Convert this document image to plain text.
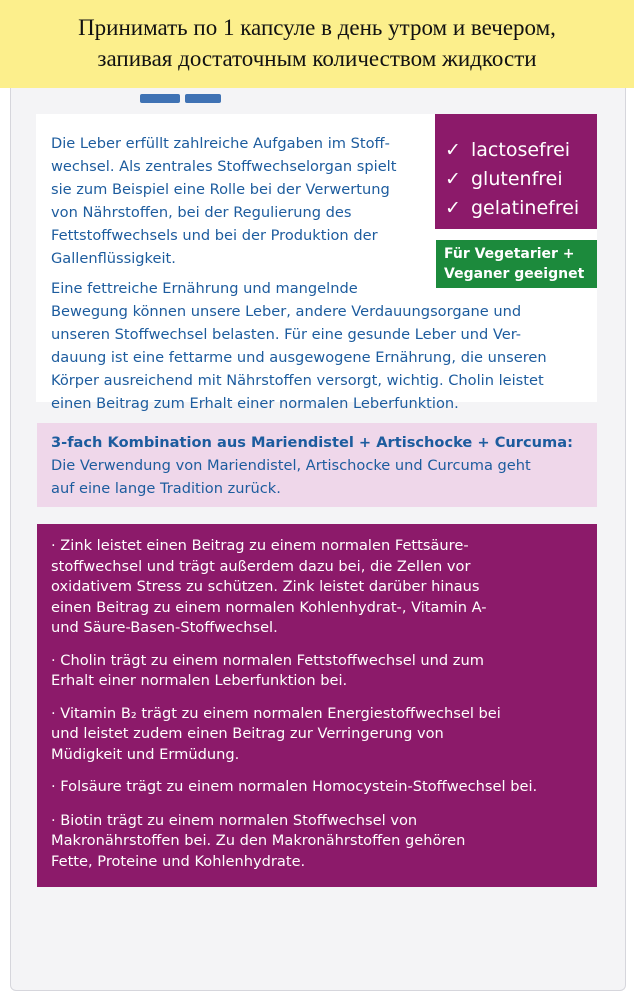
Принимать по 1 капсуле в день утром и вечером,
запивая достаточным количеством жидкости

Die Leber erfüllt zahlreiche Aufgaben im Stoff-
wechsel. Als zentrales Stoffwechselorgan spielt
sie zum Beispiel eine Rolle bei der Verwertung
von Nährstoffen, bei der Regulierung des
Fettstoffwechsels und bei der Produktion der
Gallenflüssigkeit.
✓ lactosefrei
✓ glutenfrei
✓ gelatinefrei
Für Vegetarier +
Veganer geeignet
Eine fettreiche Ernährung und mangelnde
Bewegung können unsere Leber, andere Verdauungsorgane und
unseren Stoffwechsel belasten. Für eine gesunde Leber und Ver-
dauung ist eine fettarme und ausgewogene Ernährung, die unseren
Körper ausreichend mit Nährstoffen versorgt, wichtig. Cholin leistet
einen Beitrag zum Erhalt einer normalen Leberfunktion.
3-fach Kombination aus Mariendistel + Artischocke + Curcuma:
Die Verwendung von Mariendistel, Artischocke und Curcuma geht
auf eine lange Tradition zurück.
· Zink leistet einen Beitrag zu einem normalen Fettsäure-
stoffwechsel und trägt außerdem dazu bei, die Zellen vor
oxidativem Stress zu schützen. Zink leistet darüber hinaus
einen Beitrag zu einem normalen Kohlenhydrat-, Vitamin A-
und Säure-Basen-Stoffwechsel.
· Cholin trägt zu einem normalen Fettstoffwechsel und zum
Erhalt einer normalen Leberfunktion bei.
· Vitamin B₂ trägt zu einem normalen Energiestoffwechsel bei
und leistet zudem einen Beitrag zur Verringerung von
Müdigkeit und Ermüdung.
· Folsäure trägt zu einem normalen Homocystein-Stoffwechsel bei.
· Biotin trägt zu einem normalen Stoffwechsel von
Makronährstoffen bei. Zu den Makronährstoffen gehören
Fette, Proteine und Kohlenhydrate.
